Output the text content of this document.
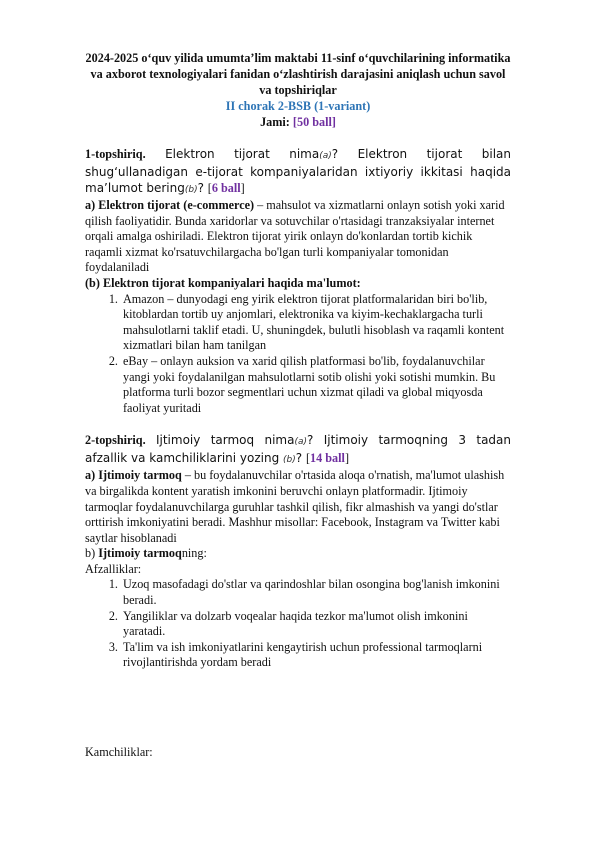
2024-2025 o‘quv yilida umumta’lim maktabi 11-sinf o‘quvchilarining informatika va axborot texnologiyalari fanidan o‘zlashtirish darajasini aniqlash uchun savol va topshiriqlar
II chorak 2-BSB (1-variant)
Jami: [50 ball]
1-topshiriq. Elektron tijorat nima(a)? Elektron tijorat bilan shug‘ullanadigan e-tijorat kompaniyalaridan ixtiyoriy ikkitasi haqida ma’lumot bering(b)? [6 ball]
a) Elektron tijorat (e-commerce) – mahsulot va xizmatlarni onlayn sotish yoki xarid qilish faoliyatidir. Bunda xaridorlar va sotuvchilar o'rtasidagi tranzaksiyalar internet orqali amalga oshiriladi. Elektron tijorat yirik onlayn do'konlardan tortib kichik raqamli xizmat ko'rsatuvchilargacha bo'lgan turli kompaniyalar tomonidan foydalaniladi
(b) Elektron tijorat kompaniyalari haqida ma'lumot:
1. Amazon – dunyodagi eng yirik elektron tijorat platformalaridan biri bo'lib, kitoblardan tortib uy anjomlari, elektronika va kiyim-kechaklargacha turli mahsulotlarni taklif etadi. U, shuningdek, bulutli hisoblash va raqamli kontent xizmatlari bilan ham tanilgan
2. eBay – onlayn auksion va xarid qilish platformasi bo'lib, foydalanuvchilar yangi yoki foydalanilgan mahsulotlarni sotib olishi yoki sotishi mumkin. Bu platforma turli bozor segmentlari uchun xizmat qiladi va global miqyosda faoliyat yuritadi
2-topshiriq. Ijtimoiy tarmoq nima(a)? Ijtimoiy tarmoqning 3 tadan afzallik va kamchiliklarini yozing (b)? [14 ball]
a) Ijtimoiy tarmoq – bu foydalanuvchilar o'rtasida aloqa o'rnatish, ma'lumot ulashish va birgalikda kontent yaratish imkonini beruvchi onlayn platformadir. Ijtimoiy tarmoqlar foydalanuvchilarga guruhlar tashkil qilish, fikr almashish va yangi do'stlar orttirish imkoniyatini beradi. Mashhur misollar: Facebook, Instagram va Twitter kabi saytlar hisoblanadi
b) Ijtimoiy tarmoqning:
Afzalliklar:
1. Uzoq masofadagi do'stlar va qarindoshlar bilan osongina bog'lanish imkonini beradi.
2. Yangiliklar va dolzarb voqealar haqida tezkor ma'lumot olish imkonini yaratadi.
3. Ta'lim va ish imkoniyatlarini kengaytirish uchun professional tarmoqlarni rivojlantirishda yordam beradi
Kamchiliklar:
